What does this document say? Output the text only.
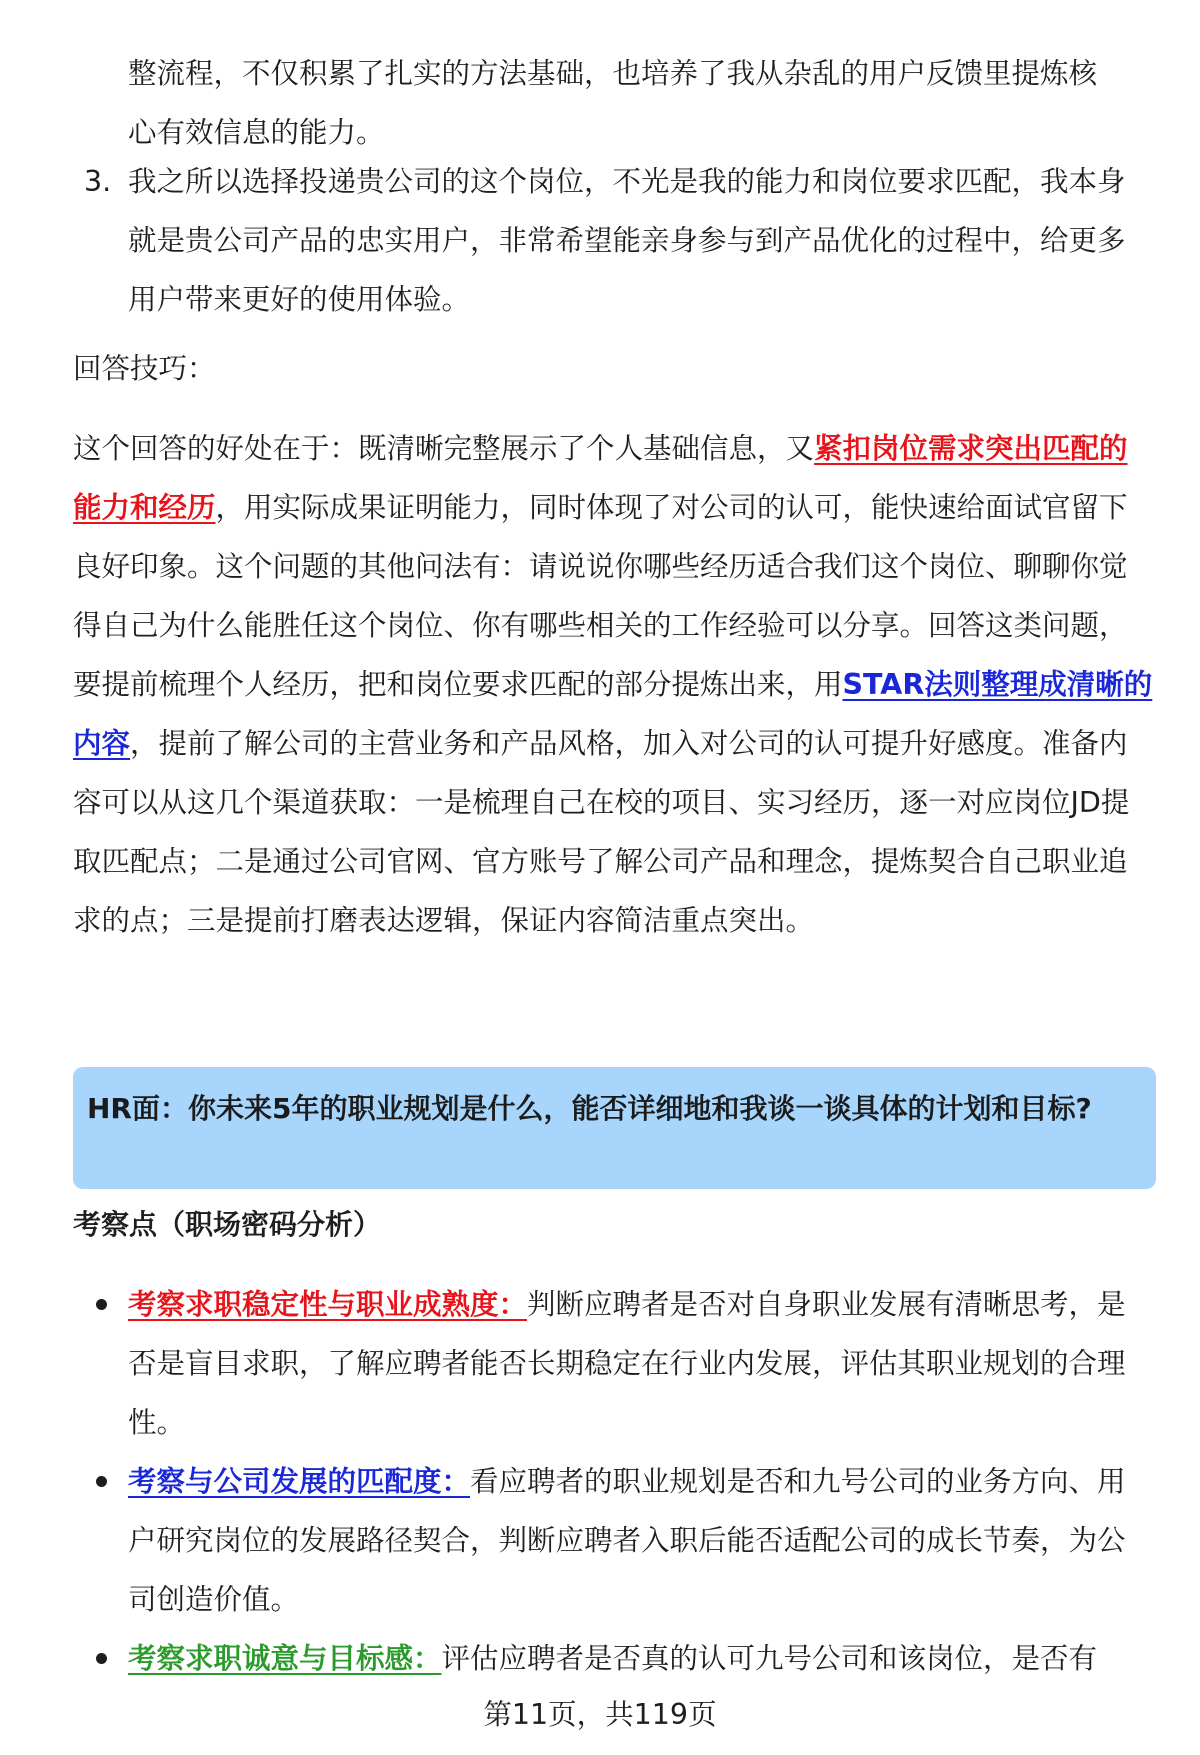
整流程，不仅积累了扎实的方法基础，也培养了我从杂乱的用户反馈里提炼核
心有效信息的能力。

3. 我之所以选择投递贵公司的这个岗位，不光是我的能力和岗位要求匹配，我本身就是贵公司产品的忠实用户，非常希望能亲身参与到产品优化的过程中，给更多用户带来更好的使用体验。

回答技巧：

这个回答的好处在于：既清晰完整展示了个人基础信息，又紧扣岗位需求突出匹配的能力和经历，用实际成果证明能力，同时体现了对公司的认可，能快速给面试官留下良好印象。这个问题的其他问法有：请说说你哪些经历适合我们这个岗位、聊聊你觉得自己为什么能胜任这个岗位、你有哪些相关的工作经验可以分享。回答这类问题，要提前梳理个人经历，把和岗位要求匹配的部分提炼出来，用STAR法则整理成清晰的内容，提前了解公司的主营业务和产品风格，加入对公司的认可提升好感度。准备内容可以从这几个渠道获取：一是梳理自己在校的项目、实习经历，逐一对应岗位JD提取匹配点；二是通过公司官网、官方账号了解公司产品和理念，提炼契合自己职业追求的点；三是提前打磨表达逻辑，保证内容简洁重点突出。

HR面：你未来5年的职业规划是什么，能否详细地和我谈一谈具体的计划和目标?
考察点（职场密码分析）

考察求职稳定性与职业成熟度：判断应聘者是否对自身职业发展有清晰思考，是否是盲目求职，了解应聘者能否长期稳定在行业内发展，评估其职业规划的合理性。

考察与公司发展的匹配度：看应聘者的职业规划是否和九号公司的业务方向、用户研究岗位的发展路径契合，判断应聘者入职后能否适配公司的成长节奏，为公司创造价值。

考察求职诚意与目标感：评估应聘者是否真的认可九号公司和该岗位，是否有

第11页，共119页
